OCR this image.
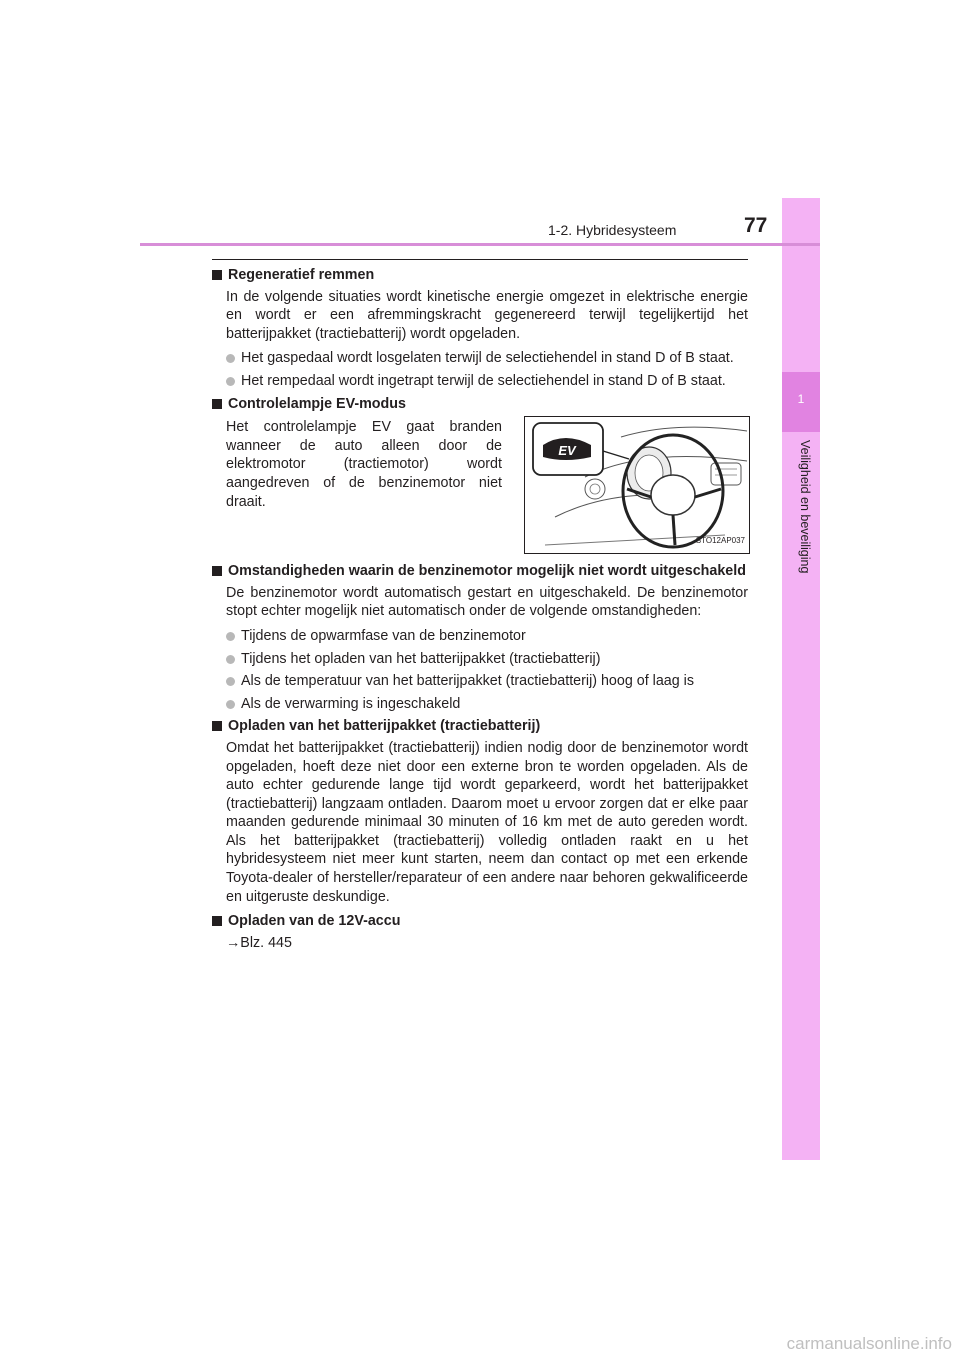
1
Veiligheid en beveiliging
1-2. Hybridesysteem	77
Regeneratief remmen

In de volgende situaties wordt kinetische energie omgezet in elektrische energie en wordt er een afremmingskracht gegenereerd terwijl tegelijkertijd het batterijpakket (tractiebatterij) wordt opgeladen.

Het gaspedaal wordt losgelaten terwijl de selectiehendel in stand D of B staat.
Het rempedaal wordt ingetrapt terwijl de selectiehendel in stand D of B staat.
Controlelampje EV-modus

Het controlelampje EV gaat branden wanneer de auto alleen door de elektromotor (tractiemotor) wordt aangedreven of de benzinemotor niet draait.

EV
STO12AP037
Omstandigheden waarin de benzinemotor mogelijk niet wordt uitgeschakeld

De benzinemotor wordt automatisch gestart en uitgeschakeld. De benzinemotor stopt echter mogelijk niet automatisch onder de volgende omstandigheden:

Tijdens de opwarmfase van de benzinemotor
Tijdens het opladen van het batterijpakket (tractiebatterij)
Als de temperatuur van het batterijpakket (tractiebatterij) hoog of laag is
Als de verwarming is ingeschakeld
Opladen van het batterijpakket (tractiebatterij)

Omdat het batterijpakket (tractiebatterij) indien nodig door de benzinemotor wordt opgeladen, hoeft deze niet door een externe bron te worden opgeladen. Als de auto echter gedurende lange tijd wordt geparkeerd, wordt het batterijpakket (tractiebatterij) langzaam ontladen. Daarom moet u ervoor zorgen dat er elke paar maanden gedurende minimaal 30 minuten of 16 km met de auto gereden wordt. Als het batterijpakket (tractiebatterij) volledig ontladen raakt en u het hybridesysteem niet meer kunt starten, neem dan contact op met een erkende Toyota-dealer of hersteller/reparateur of een andere naar behoren gekwalificeerde en uitgeruste deskundige.

Opladen van de 12V-accu

→Blz. 445

carmanualsonline.info
